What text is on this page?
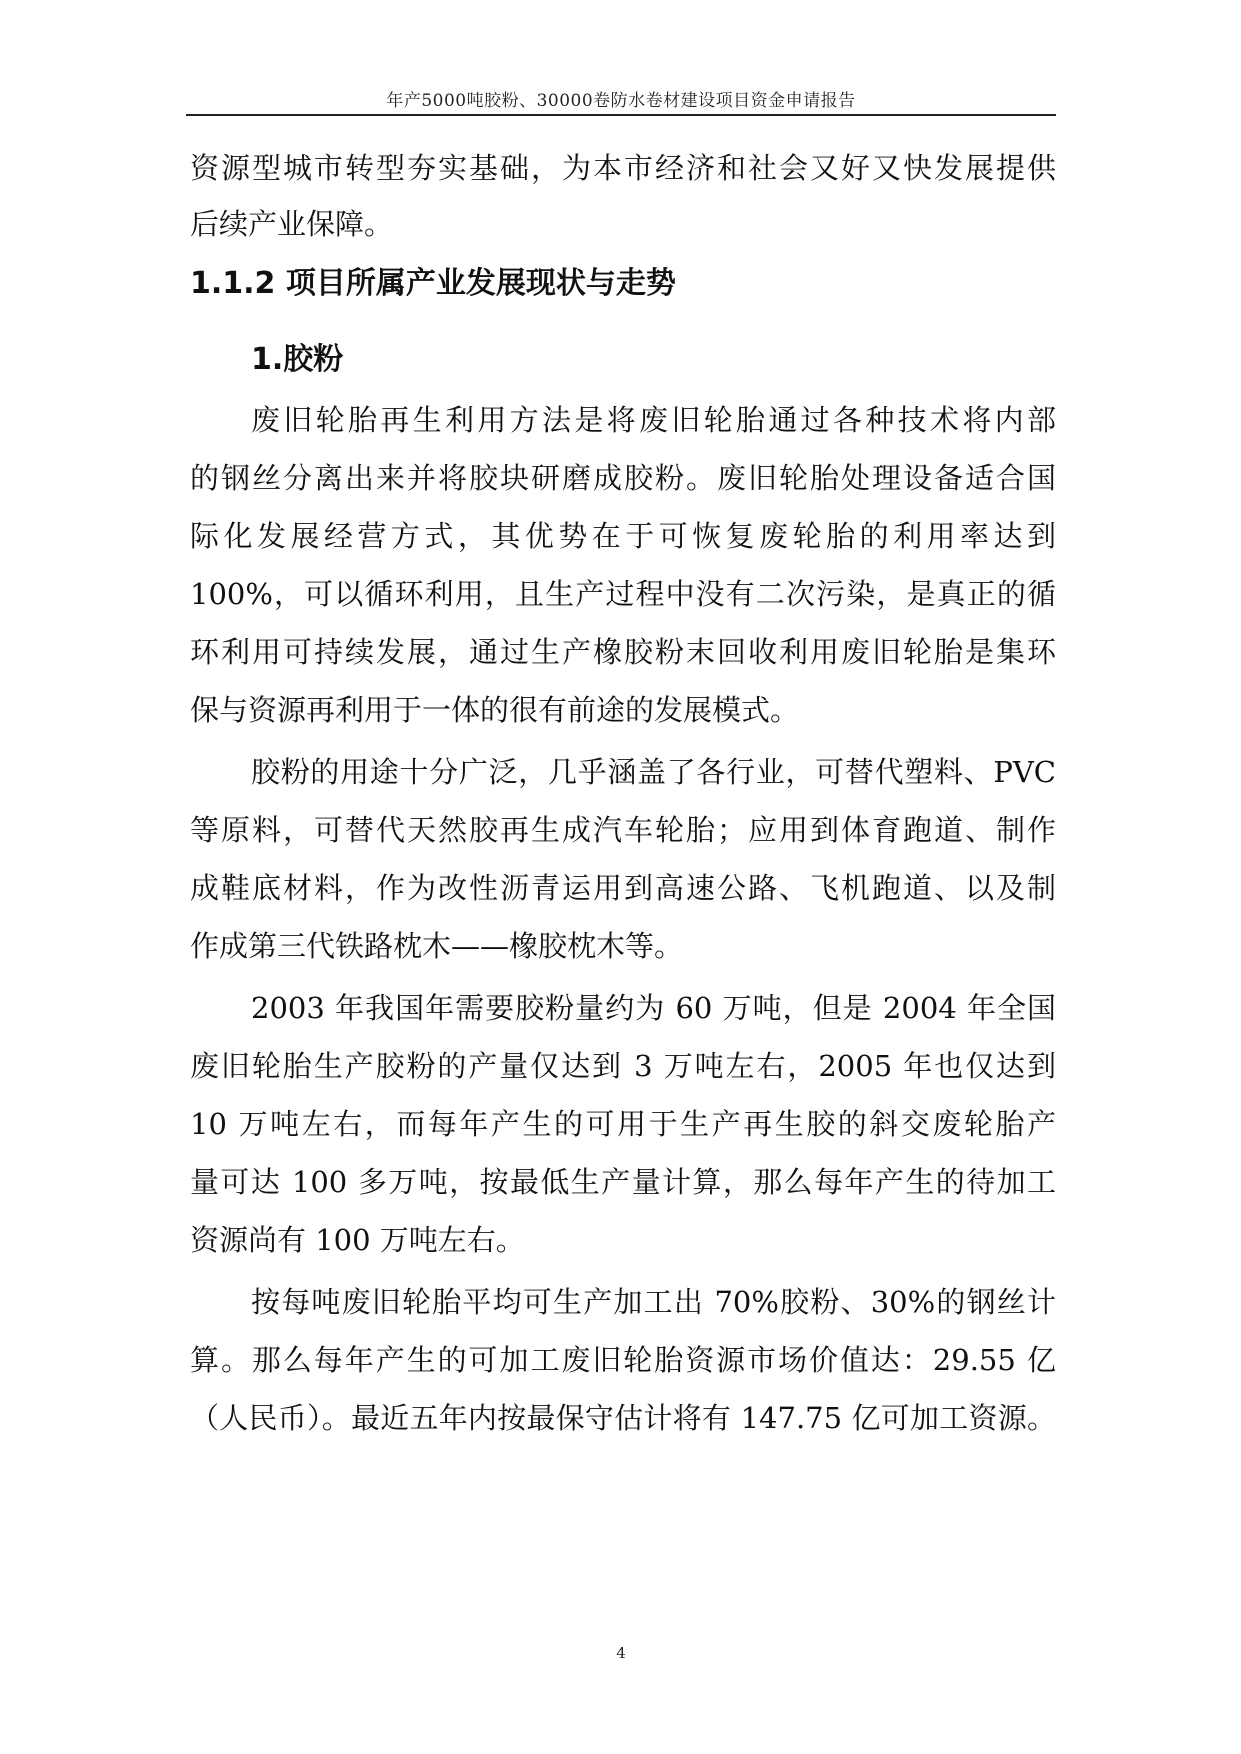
年产5000吨胶粉、30000卷防水卷材建设项目资金申请报告
资源型城市转型夯实基础，为本市经济和社会又好又快发展提供
后续产业保障。
1.1.2 项目所属产业发展现状与走势
1.胶粉
废旧轮胎再生利用方法是将废旧轮胎通过各种技术将内部
的钢丝分离出来并将胶块研磨成胶粉。废旧轮胎处理设备适合国
际化发展经营方式，其优势在于可恢复废轮胎的利用率达到
100%，可以循环利用，且生产过程中没有二次污染，是真正的循
环利用可持续发展，通过生产橡胶粉末回收利用废旧轮胎是集环
保与资源再利用于一体的很有前途的发展模式。
胶粉的用途十分广泛，几乎涵盖了各行业，可替代塑料、PVC
等原料，可替代天然胶再生成汽车轮胎；应用到体育跑道、制作
成鞋底材料，作为改性沥青运用到高速公路、飞机跑道、以及制
作成第三代铁路枕木——橡胶枕木等。
2003 年我国年需要胶粉量约为 60 万吨，但是 2004 年全国
废旧轮胎生产胶粉的产量仅达到 3 万吨左右，2005 年也仅达到
10 万吨左右，而每年产生的可用于生产再生胶的斜交废轮胎产
量可达 100 多万吨，按最低生产量计算，那么每年产生的待加工
资源尚有 100 万吨左右。
按每吨废旧轮胎平均可生产加工出 70%胶粉、30%的钢丝计
算。那么每年产生的可加工废旧轮胎资源市场价值达：29.55 亿
（人民币）。最近五年内按最保守估计将有 147.75 亿可加工资源。
4
